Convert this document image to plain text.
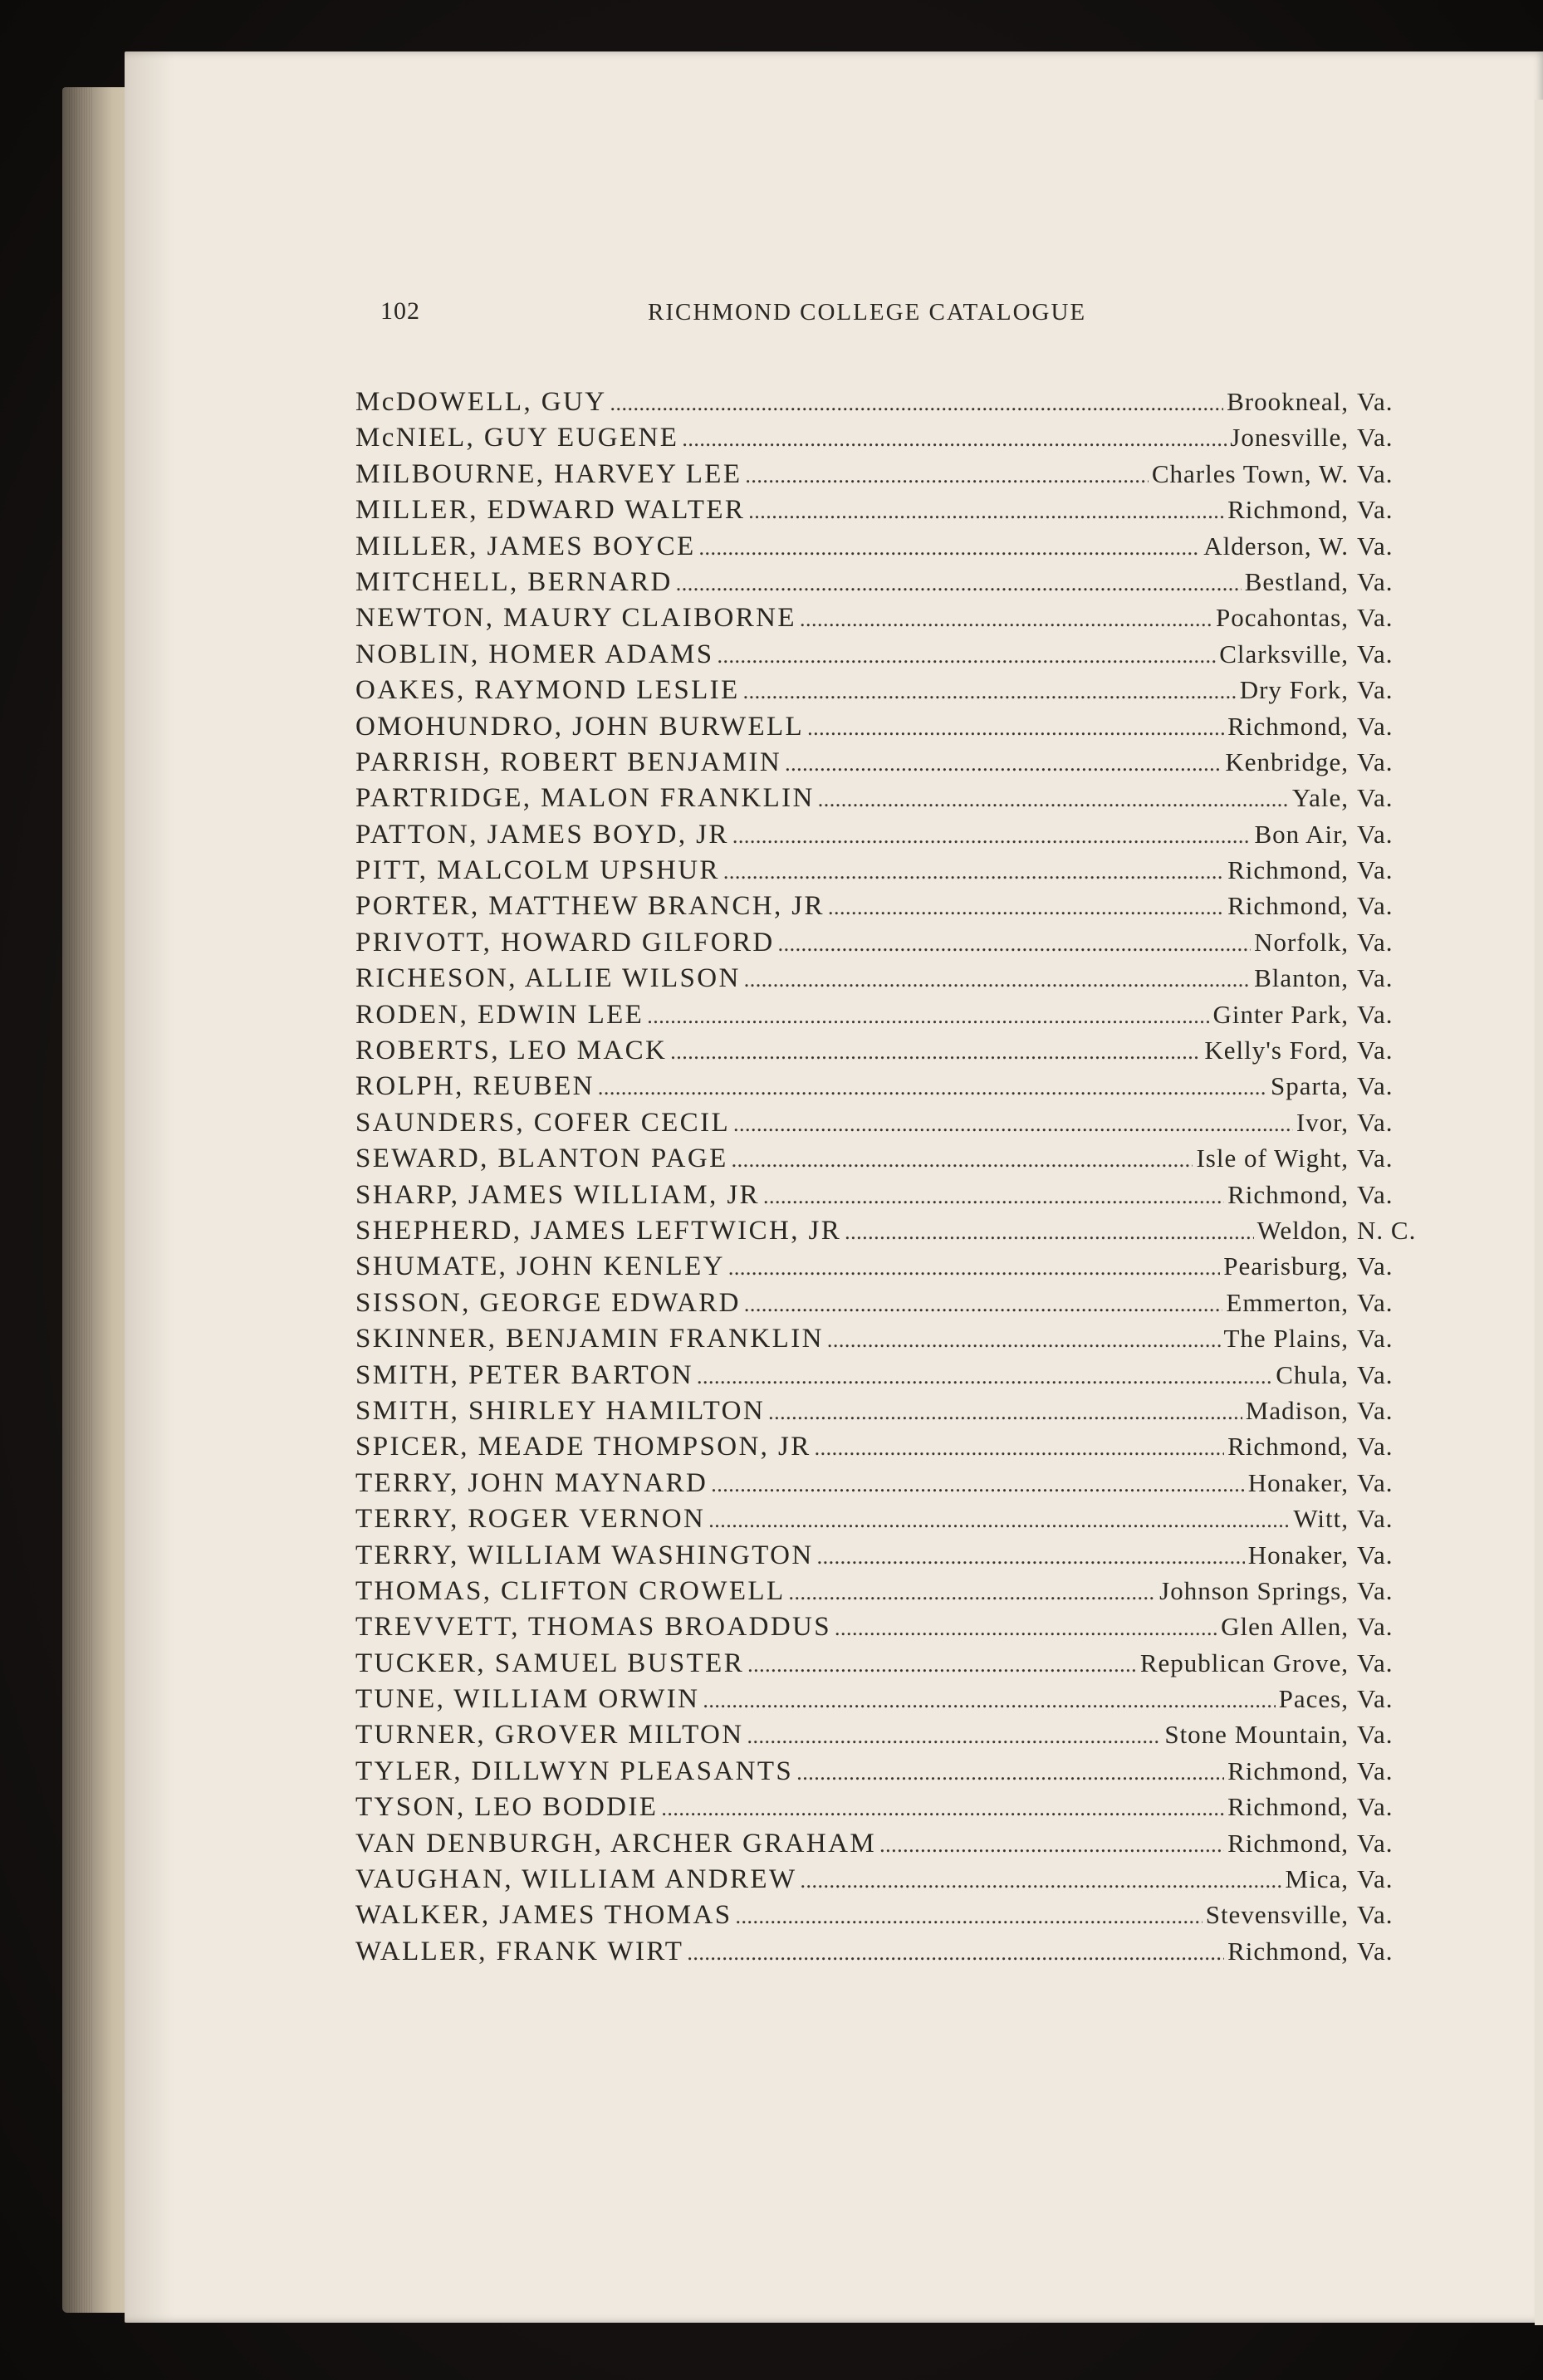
102	RICHMOND COLLEGE CATALOGUE
McDOWELL, GUY . . .	Brookneal, Va.
McNIEL, GUY EUGENE . . .	Jonesville, Va.
MILBOURNE, HARVEY LEE . . .	Charles Town, W. Va.
MILLER, EDWARD WALTER . . .	Richmond, Va.
MILLER, JAMES BOYCE . . .	Alderson, W. Va.
MITCHELL, BERNARD . . .	Bestland, Va.
NEWTON, MAURY CLAIBORNE . . .	Pocahontas, Va.
NOBLIN, HOMER ADAMS . . .	Clarksville, Va.
OAKES, RAYMOND LESLIE . . .	Dry Fork, Va.
OMOHUNDRO, JOHN BURWELL . . .	Richmond, Va.
PARRISH, ROBERT BENJAMIN . . .	Kenbridge, Va.
PARTRIDGE, MALON FRANKLIN . . .	Yale, Va.
PATTON, JAMES BOYD, JR . . .	Bon Air, Va.
PITT, MALCOLM UPSHUR . . .	Richmond, Va.
PORTER, MATTHEW BRANCH, JR . . .	Richmond, Va.
PRIVOTT, HOWARD GILFORD . . .	Norfolk, Va.
RICHESON, ALLIE WILSON . . .	Blanton, Va.
RODEN, EDWIN LEE . . .	Ginter Park, Va.
ROBERTS, LEO MACK . . .	Kelly's Ford, Va.
ROLPH, REUBEN . . .	Sparta, Va.
SAUNDERS, COFER CECIL . . .	Ivor, Va.
SEWARD, BLANTON PAGE . . .	Isle of Wight, Va.
SHARP, JAMES WILLIAM, JR . . .	Richmond, Va.
SHEPHERD, JAMES LEFTWICH, JR . . .	Weldon, N. C.
SHUMATE, JOHN KENLEY . . .	Pearisburg, Va.
SISSON, GEORGE EDWARD . . .	Emmerton, Va.
SKINNER, BENJAMIN FRANKLIN . . .	The Plains, Va.
SMITH, PETER BARTON . . .	Chula, Va.
SMITH, SHIRLEY HAMILTON . . .	Madison, Va.
SPICER, MEADE THOMPSON, JR . . .	Richmond, Va.
TERRY, JOHN MAYNARD . . .	Honaker, Va.
TERRY, ROGER VERNON . . .	Witt, Va.
TERRY, WILLIAM WASHINGTON . . .	Honaker, Va.
THOMAS, CLIFTON CROWELL . . .	Johnson Springs, Va.
TREVVETT, THOMAS BROADDUS . . .	Glen Allen, Va.
TUCKER, SAMUEL BUSTER . . .	Republican Grove, Va.
TUNE, WILLIAM ORWIN . . .	Paces, Va.
TURNER, GROVER MILTON . . .	Stone Mountain, Va.
TYLER, DILLWYN PLEASANTS . . .	Richmond, Va.
TYSON, LEO BODDIE . . .	Richmond, Va.
VAN DENBURGH, ARCHER GRAHAM . . .	Richmond, Va.
VAUGHAN, WILLIAM ANDREW . . .	Mica, Va.
WALKER, JAMES THOMAS . . .	Stevensville, Va.
WALLER, FRANK WIRT . . .	Richmond, Va.
